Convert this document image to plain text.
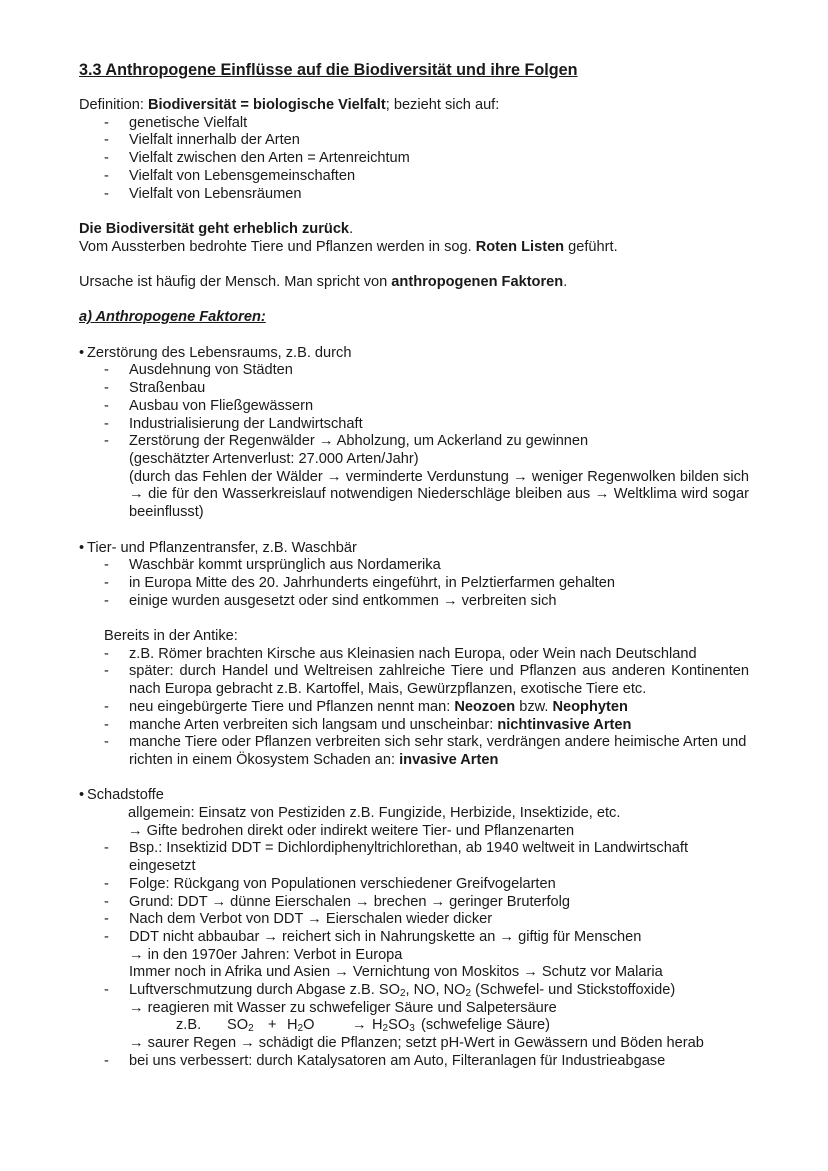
3.3 Anthropogene Einflüsse auf die Biodiversität und ihre Folgen

Definition: Biodiversität = biologische Vielfalt; bezieht sich auf:

- genetische Vielfalt
- Vielfalt innerhalb der Arten
- Vielfalt zwischen den Arten = Artenreichtum
- Vielfalt von Lebensgemeinschaften
- Vielfalt von Lebensräumen

Die Biodiversität geht erheblich zurück.

Vom Aussterben bedrohte Tiere und Pflanzen werden in sog. Roten Listen geführt.

Ursache ist häufig der Mensch. Man spricht von anthropogenen Faktoren.

a) Anthropogene Faktoren:

• Zerstörung des Lebensraums, z.B. durch

- Ausdehnung von Städten
- Straßenbau
- Ausbau von Fließgewässern
- Industrialisierung der Landwirtschaft
- Zerstörung der Regenwälder → Abholzung, um Ackerland zu gewinnen
(geschätzter Artenverlust: 27.000 Arten/Jahr)
(durch das Fehlen der Wälder → verminderte Verdunstung → weniger Regenwolken bilden sich → die für den Wasserkreislauf notwendigen Niederschläge bleiben aus → Weltklima wird sogar beeinflusst)

• Tier- und Pflanzentransfer, z.B. Waschbär

- Waschbär kommt ursprünglich aus Nordamerika
- in Europa Mitte des 20. Jahrhunderts eingeführt, in Pelztierfarmen gehalten
- einige wurden ausgesetzt oder sind entkommen → verbreiten sich

Bereits in der Antike:

- z.B. Römer brachten Kirsche aus Kleinasien nach Europa, oder Wein nach Deutschland
- später: durch Handel und Weltreisen zahlreiche Tiere und Pflanzen aus anderen Kontinenten nach Europa gebracht z.B. Kartoffel, Mais, Gewürzpflanzen, exotische Tiere etc.
- neu eingebürgerte Tiere und Pflanzen nennt man: Neozoen bzw. Neophyten
- manche Arten verbreiten sich langsam und unscheinbar: nichtinvasive Arten
- manche Tiere oder Pflanzen verbreiten sich sehr stark, verdrängen andere heimische Arten und richten in einem Ökosystem Schaden an: invasive Arten

• Schadstoffe

allgemein: Einsatz von Pestiziden z.B. Fungizide, Herbizide, Insektizide, etc.

→ Gifte bedrohen direkt oder indirekt weitere Tier- und Pflanzenarten

- Bsp.: Insektizid DDT = Dichlordiphenyltrichlorethan, ab 1940 weltweit in Landwirtschaft eingesetzt
- Folge: Rückgang von Populationen verschiedener Greifvogelarten
- Grund: DDT → dünne Eierschalen → brechen → geringer Bruterfolg
- Nach dem Verbot von DDT → Eierschalen wieder dicker
- DDT nicht abbaubar → reichert sich in Nahrungskette an → giftig für Menschen
→ in den 1970er Jahren: Verbot in Europa
Immer noch in Afrika und Asien → Vernichtung von Moskitos → Schutz vor Malaria
- Luftverschmutzung durch Abgase z.B. $SO_2$, NO, $NO_2$ (Schwefel- und Stickstoffoxide)
→ reagieren mit Wasser zu schwefeliger Säure und Salpetersäure
z.B. $SO_2 + H_2O$	→ $H_2SO_3$ (schwefelige Säure)
→ saurer Regen → schädigt die Pflanzen; setzt pH-Wert in Gewässern und Böden herab
- bei uns verbessert: durch Katalysatoren am Auto, Filteranlagen für Industrieabgase
